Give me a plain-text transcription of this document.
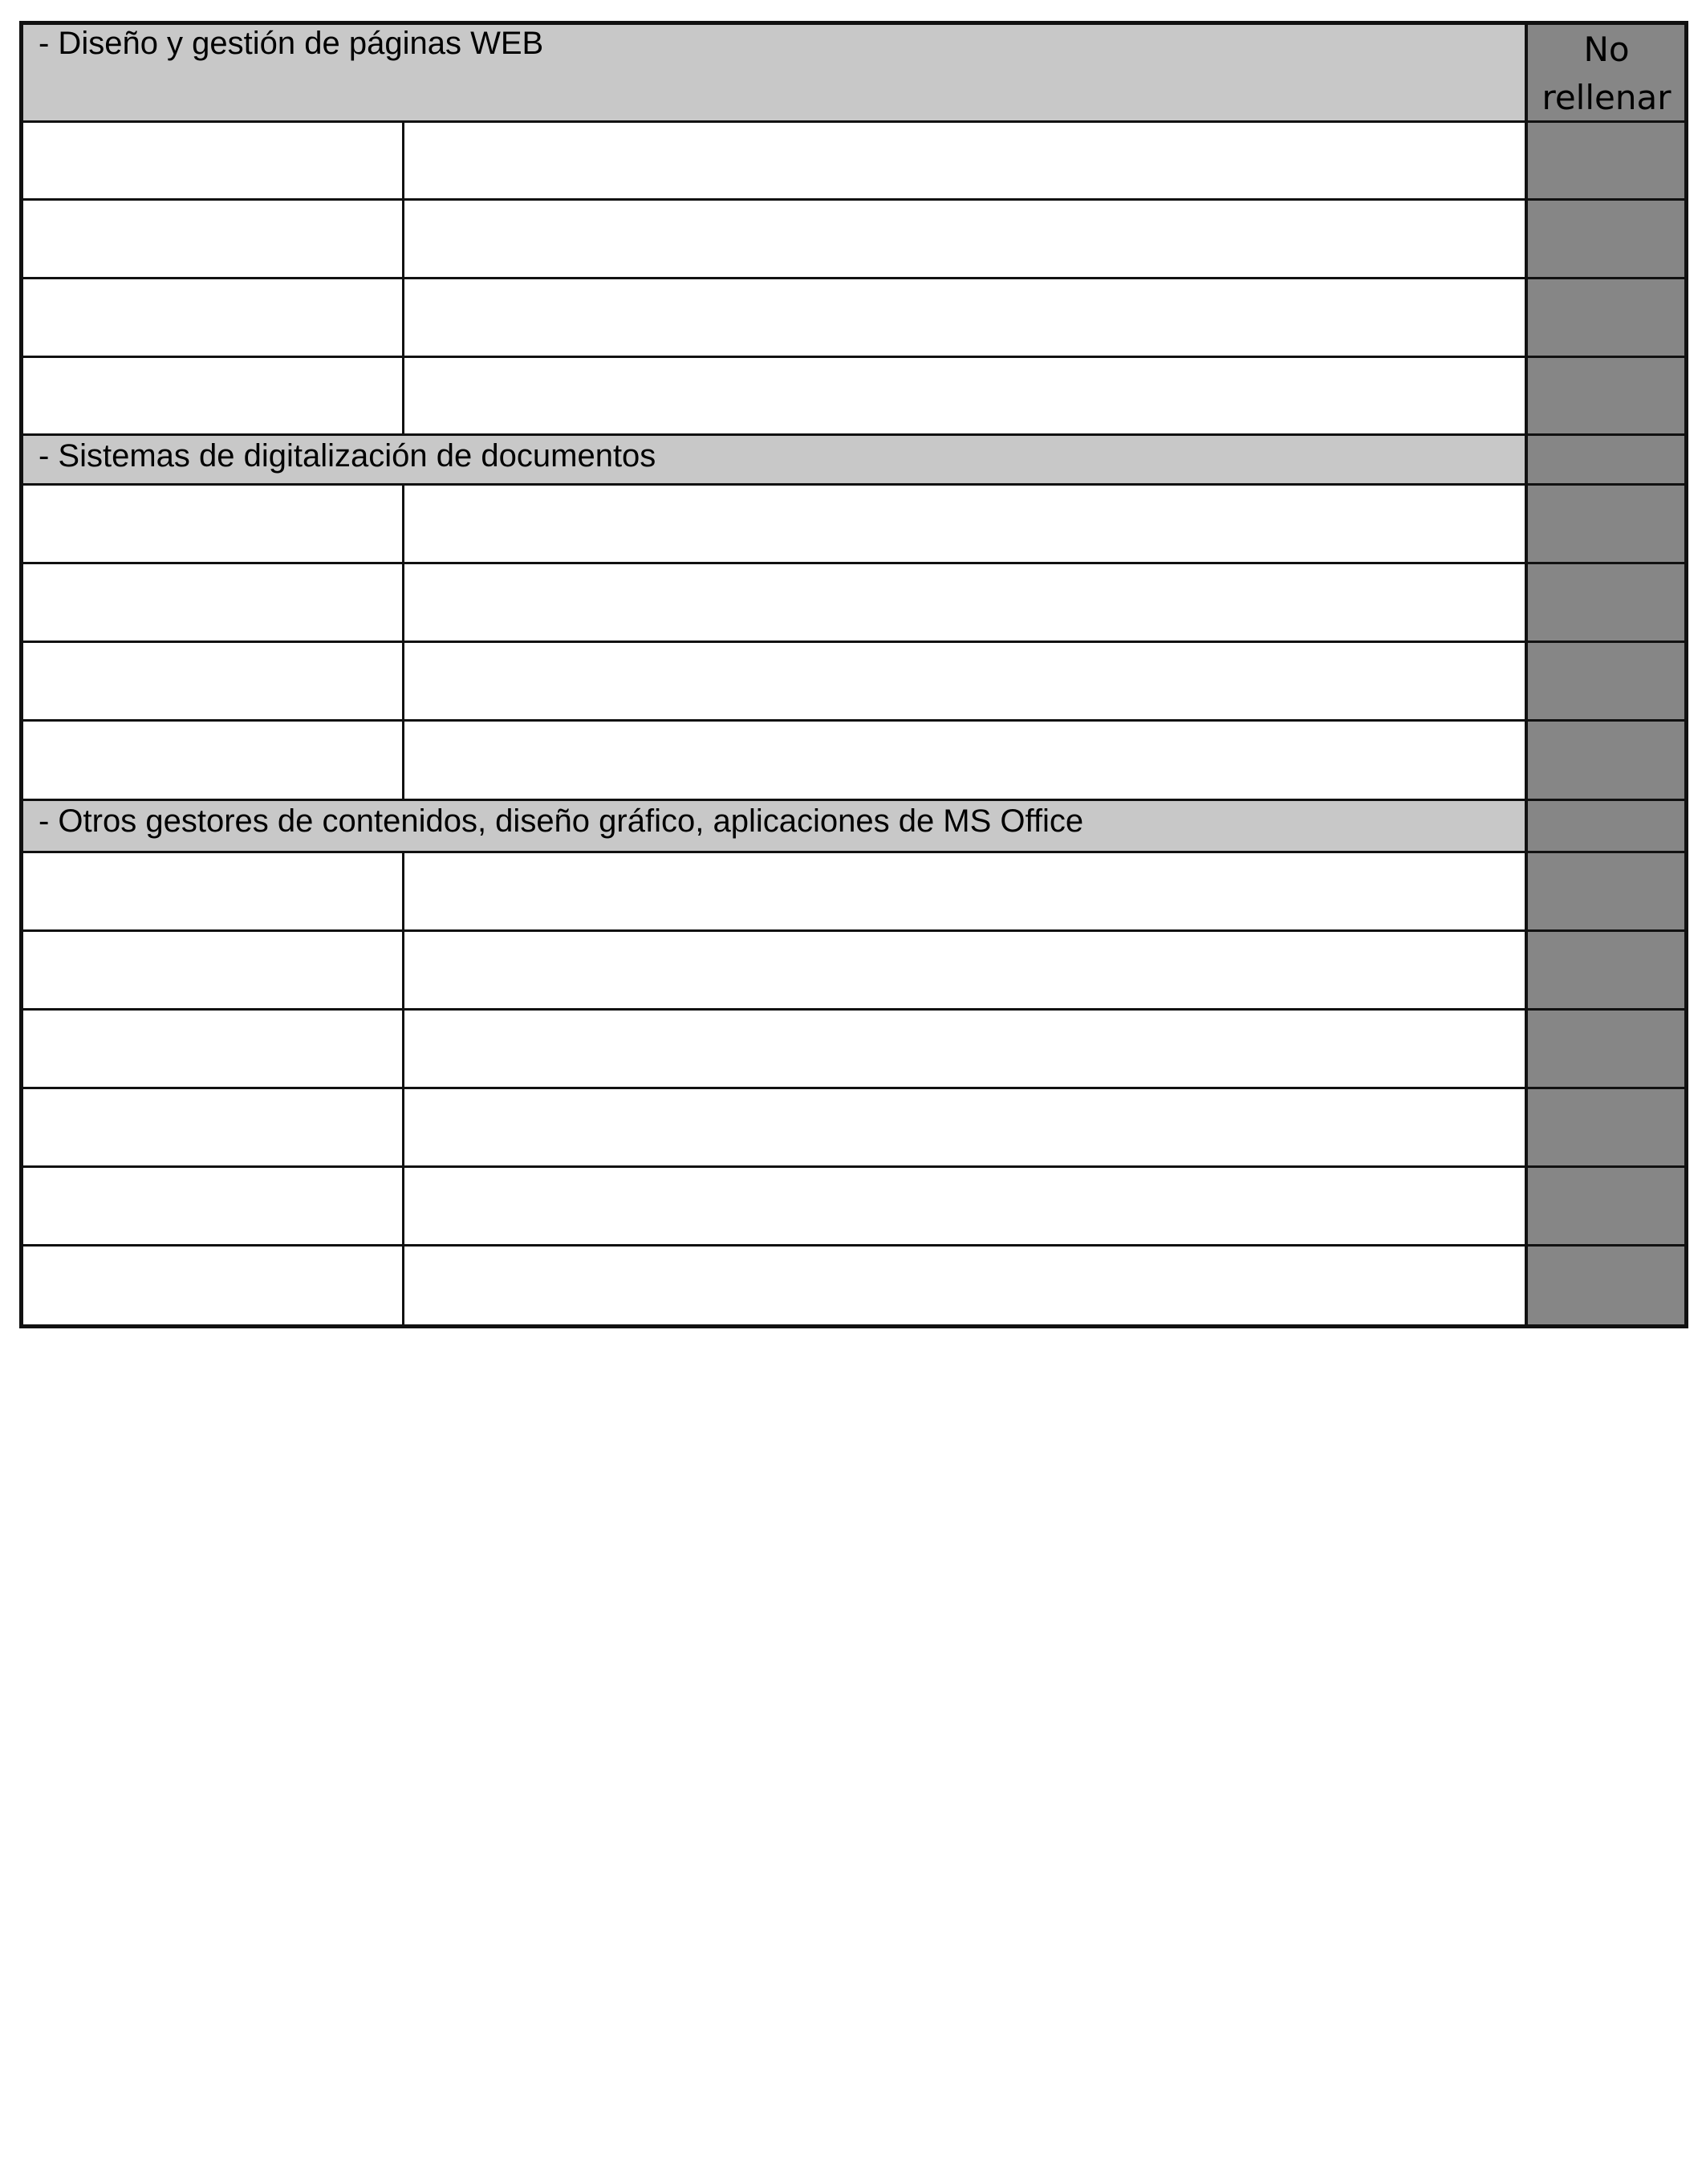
- Diseño y gestión de páginas WEB	No
rellenar
- Sistemas de digitalización de documentos
- Otros gestores de contenidos, diseño gráfico, aplicaciones de MS Office
